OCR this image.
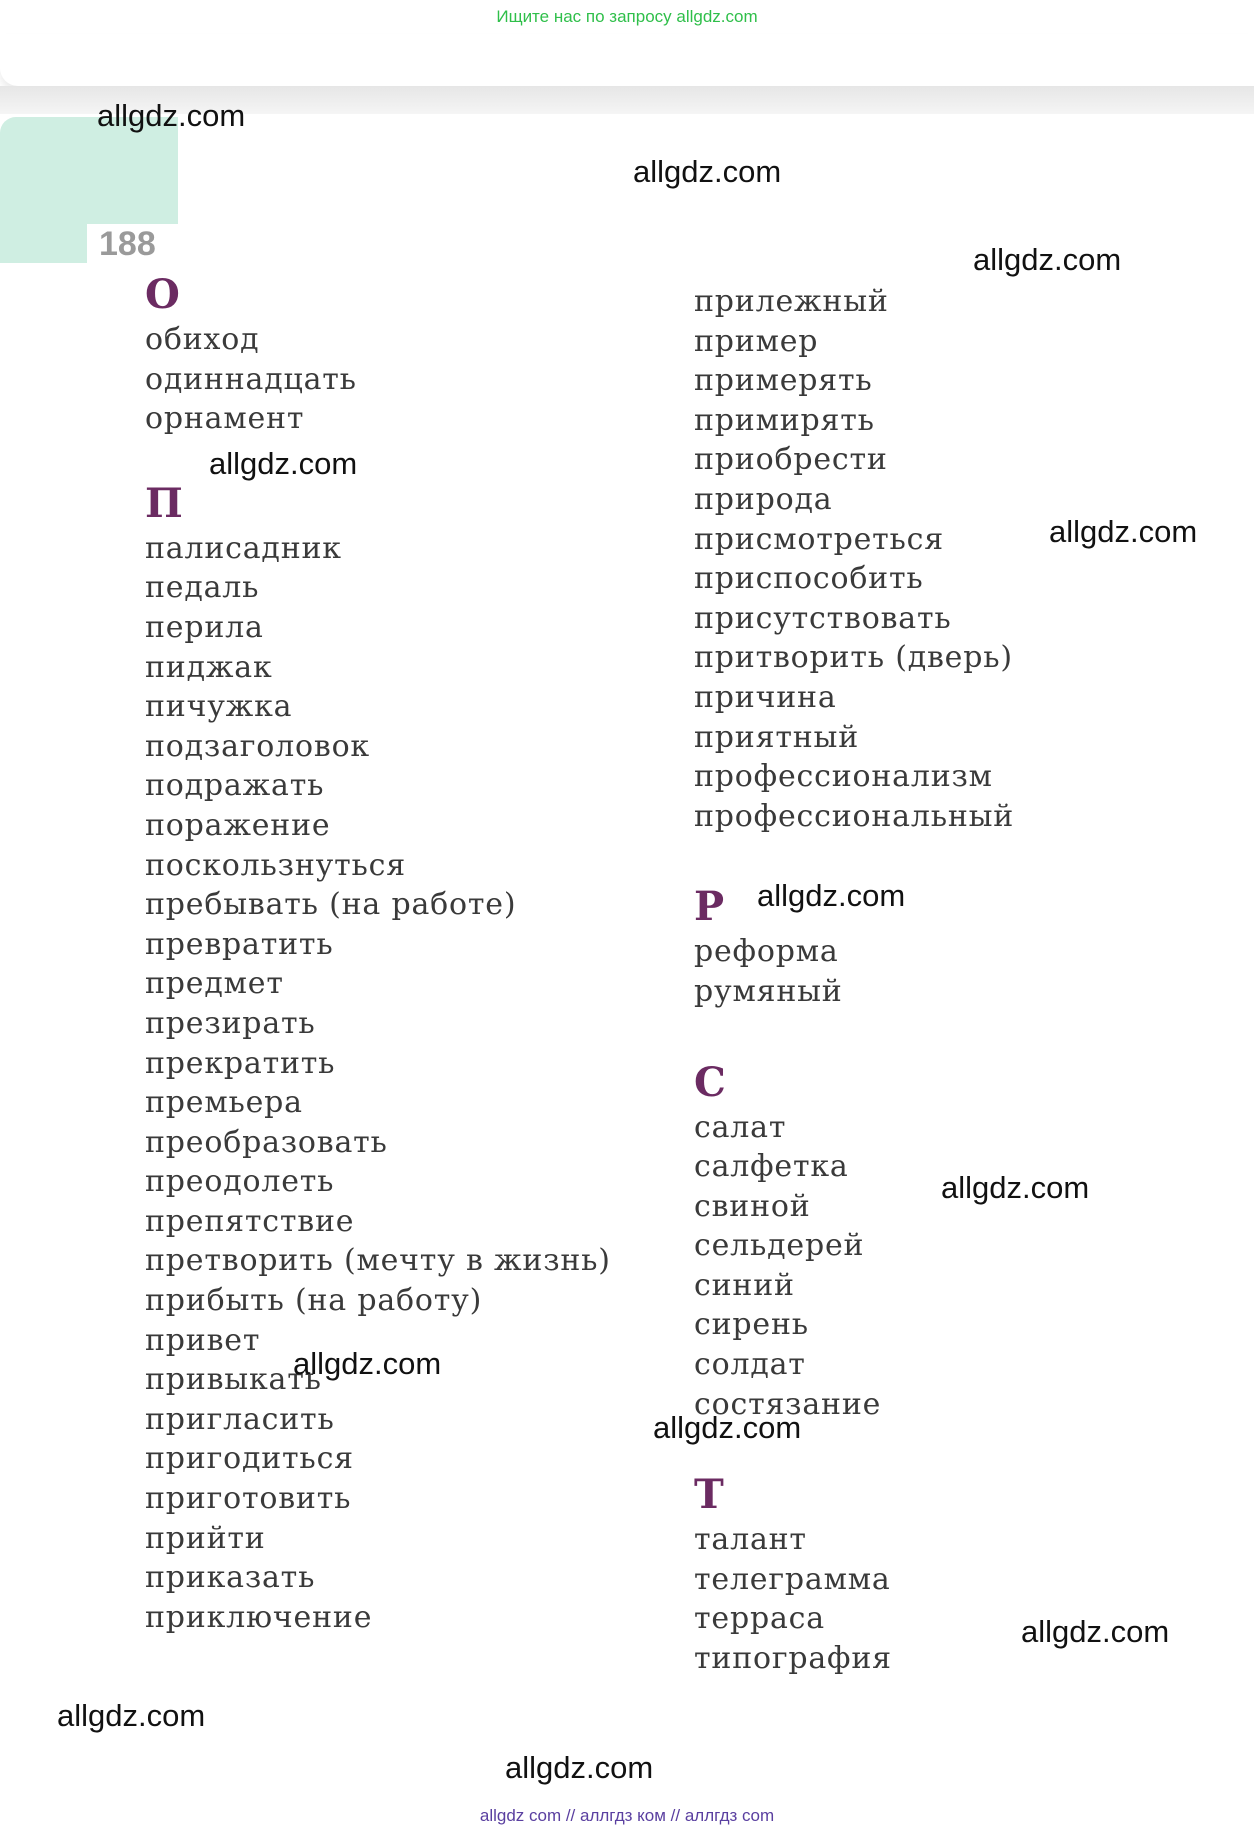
Ищите нас по запросу allgdz.com
188
О
обиход
одиннадцать
орнамент
П
палисадник
педаль
перила
пиджак
пичужка
подзаголовок
подражать
поражение
поскользнуться
пребывать (на работе)
превратить
предмет
презирать
прекратить
премьера
преобразовать
преодолеть
препятствие
претворить (мечту в жизнь)
прибыть (на работу)
привет
привыкать
пригласить
пригодиться
приготовить
прийти
приказать
приключение
прилежный
пример
примерять
примирять
приобрести
природа
присмотреться
приспособить
присутствовать
притворить (дверь)
причина
приятный
профессионализм
профессиональный
Р
реформа
румяный
С
салат
салфетка
свиной
сельдерей
синий
сирень
солдат
состязание
Т
талант
телеграмма
терраса
типография
allgdz.com
allgdz.com
allgdz.com
allgdz.com
allgdz.com
allgdz.com
allgdz.com
allgdz.com
allgdz.com
allgdz.com
allgdz.com
allgdz.com
allgdz com // аллгдз ком // аллгдз com
